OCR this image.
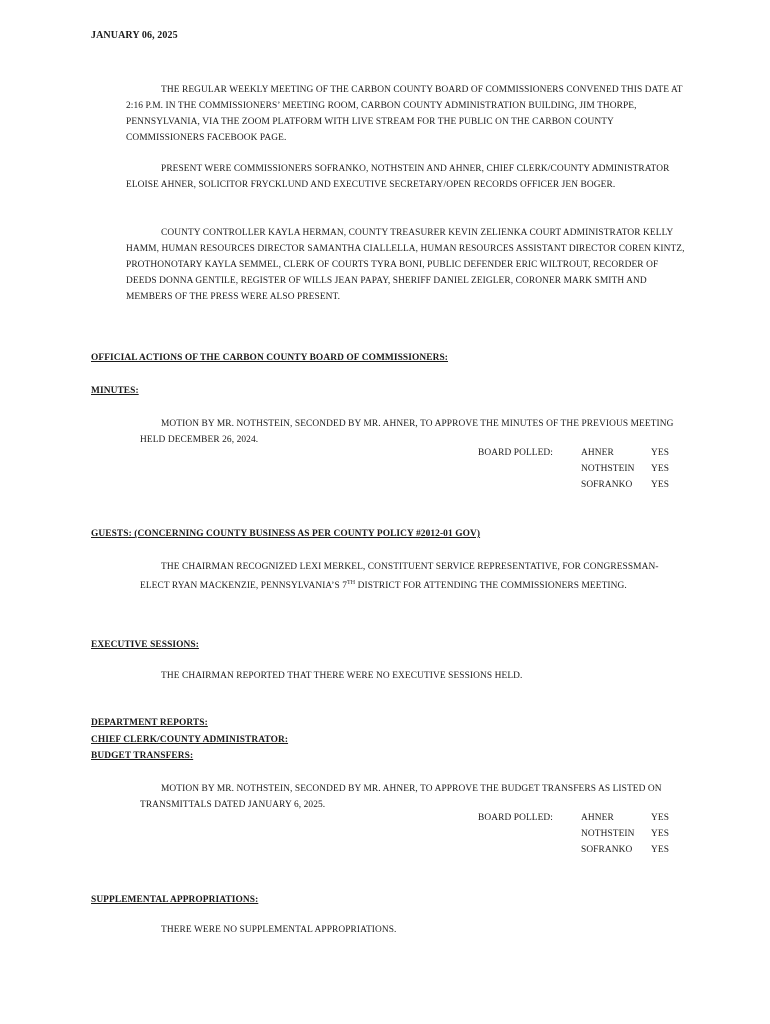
JANUARY 06, 2025
THE REGULAR WEEKLY MEETING OF THE CARBON COUNTY BOARD OF COMMISSIONERS CONVENED THIS DATE AT 2:16 P.M. IN THE COMMISSIONERS’ MEETING ROOM, CARBON COUNTY ADMINISTRATION BUILDING, JIM THORPE, PENNSYLVANIA, VIA THE ZOOM PLATFORM WITH LIVE STREAM FOR THE PUBLIC ON THE CARBON COUNTY COMMISSIONERS FACEBOOK PAGE.
PRESENT WERE COMMISSIONERS SOFRANKO, NOTHSTEIN AND AHNER, CHIEF CLERK/COUNTY ADMINISTRATOR ELOISE AHNER, SOLICITOR FRYCKLUND AND EXECUTIVE SECRETARY/OPEN RECORDS OFFICER JEN BOGER.
COUNTY CONTROLLER KAYLA HERMAN, COUNTY TREASURER KEVIN ZELIENKA COURT ADMINISTRATOR KELLY HAMM, HUMAN RESOURCES DIRECTOR SAMANTHA CIALLELLA, HUMAN RESOURCES ASSISTANT DIRECTOR COREN KINTZ, PROTHONOTARY KAYLA SEMMEL, CLERK OF COURTS TYRA BONI, PUBLIC DEFENDER ERIC WILTROUT, RECORDER OF DEEDS DONNA GENTILE, REGISTER OF WILLS JEAN PAPAY, SHERIFF DANIEL ZEIGLER, CORONER MARK SMITH AND MEMBERS OF THE PRESS WERE ALSO PRESENT.
OFFICIAL ACTIONS OF THE CARBON COUNTY BOARD OF COMMISSIONERS:
MINUTES:
MOTION BY MR. NOTHSTEIN, SECONDED BY MR. AHNER, TO APPROVE THE MINUTES OF THE PREVIOUS MEETING HELD DECEMBER 26, 2024.
BOARD POLLED:	AHNER	YES
NOTHSTEIN YES
SOFRANKO YES
GUESTS: (CONCERNING COUNTY BUSINESS AS PER COUNTY POLICY #2012-01 GOV)
THE CHAIRMAN RECOGNIZED LEXI MERKEL, CONSTITUENT SERVICE REPRESENTATIVE, FOR CONGRESSMAN-ELECT RYAN MACKENZIE, PENNSYLVANIA’S 7TH DISTRICT FOR ATTENDING THE COMMISSIONERS MEETING.
EXECUTIVE SESSIONS:
THE CHAIRMAN REPORTED THAT THERE WERE NO EXECUTIVE SESSIONS HELD.
DEPARTMENT REPORTS:
CHIEF CLERK/COUNTY ADMINISTRATOR:
BUDGET TRANSFERS:
MOTION BY MR. NOTHSTEIN, SECONDED BY MR. AHNER, TO APPROVE THE BUDGET TRANSFERS AS LISTED ON TRANSMITTALS DATED JANUARY 6, 2025.
BOARD POLLED:	AHNER	YES
NOTHSTEIN YES
SOFRANKO YES
SUPPLEMENTAL APPROPRIATIONS:
THERE WERE NO SUPPLEMENTAL APPROPRIATIONS.
